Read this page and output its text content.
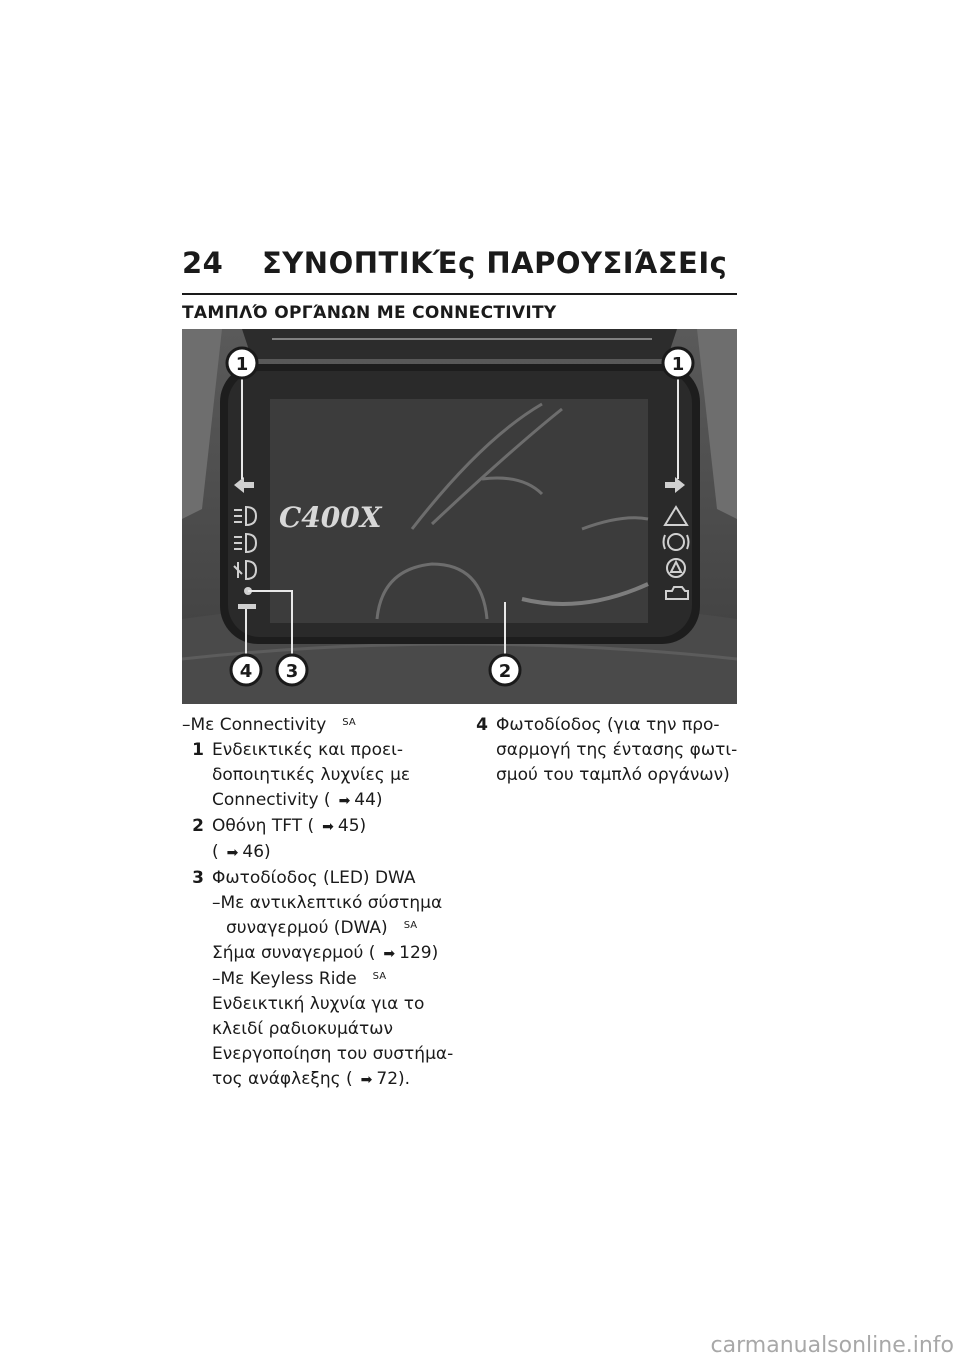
24 ΣΥΝΟΠΤΙΚΈς ΠΑΡΟΥΣΙΆΣΕΙς
ΤΑΜΠΛΌ ΟΡΓΆΝΩΝ ΜΕ CONNECTIVITY
C400X
1	1
2
3
4
–Με Connectivity $^{SA}$
1 Ενδεικτικές και προει-
δοποιητικές λυχνίες με
Connectivity ( ➡ 44)
2 Οθόνη TFT ( ➡ 45)
( ➡ 46)
3 Φωτοδίοδος (LED) DWA
–Με αντικλεπτικό σύστημα
συναγερμού (DWA) $^{SA}$
Σήμα συναγερμού ( ➡ 129)
–Με Keyless Ride $^{SA}$
Ενδεικτική λυχνία για το
κλειδί ραδιοκυμάτων
Ενεργοποίηση του συστήμα-
τος ανάφλεξης ( ➡ 72).
4 Φωτοδίοδος (για την προ-
σαρμογή της έντασης φωτι-
σμού του ταμπλό οργάνων)
carmanualsonline.info
